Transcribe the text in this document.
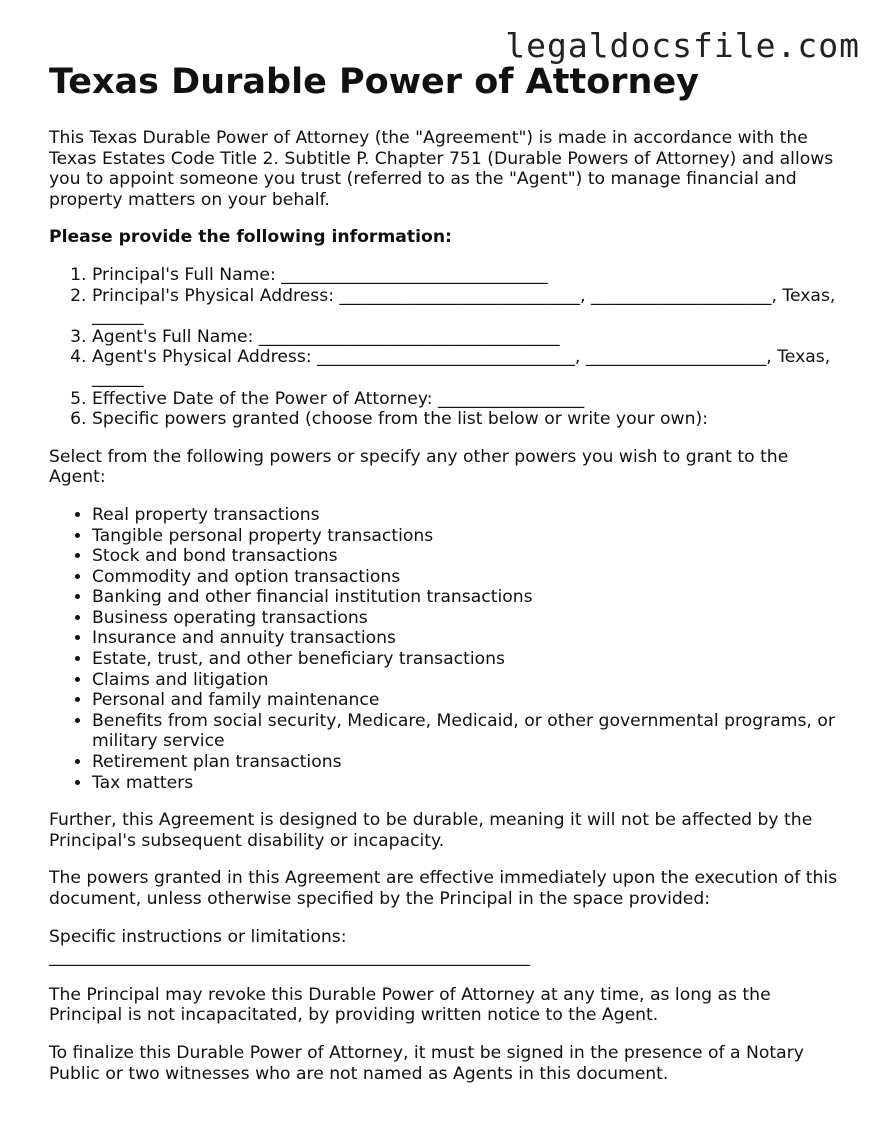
legaldocsfile.com
Texas Durable Power of Attorney

This Texas Durable Power of Attorney (the "Agreement") is made in accordance with the Texas Estates Code Title 2. Subtitle P. Chapter 751 (Durable Powers of Attorney) and allows you to appoint someone you trust (referred to as the "Agent") to manage financial and property matters on your behalf.

Please provide the following information:

1. Principal's Full Name: _______________________________
2. Principal's Physical Address: ____________________________, _____________________, Texas, ______
3. Agent's Full Name: ___________________________________
4. Agent's Physical Address: ______________________________, _____________________, Texas, ______
5. Effective Date of the Power of Attorney: _________________
6. Specific powers granted (choose from the list below or write your own):

Select from the following powers or specify any other powers you wish to grant to the Agent:

• Real property transactions
• Tangible personal property transactions
• Stock and bond transactions
• Commodity and option transactions
• Banking and other financial institution transactions
• Business operating transactions
• Insurance and annuity transactions
• Estate, trust, and other beneficiary transactions
• Claims and litigation
• Personal and family maintenance
• Benefits from social security, Medicare, Medicaid, or other governmental programs, or military service
• Retirement plan transactions
• Tax matters

Further, this Agreement is designed to be durable, meaning it will not be affected by the Principal's subsequent disability or incapacity.

The powers granted in this Agreement are effective immediately upon the execution of this document, unless otherwise specified by the Principal in the space provided:

Specific instructions or limitations:
________________________________________________________

The Principal may revoke this Durable Power of Attorney at any time, as long as the Principal is not incapacitated, by providing written notice to the Agent.

To finalize this Durable Power of Attorney, it must be signed in the presence of a Notary Public or two witnesses who are not named as Agents in this document.
